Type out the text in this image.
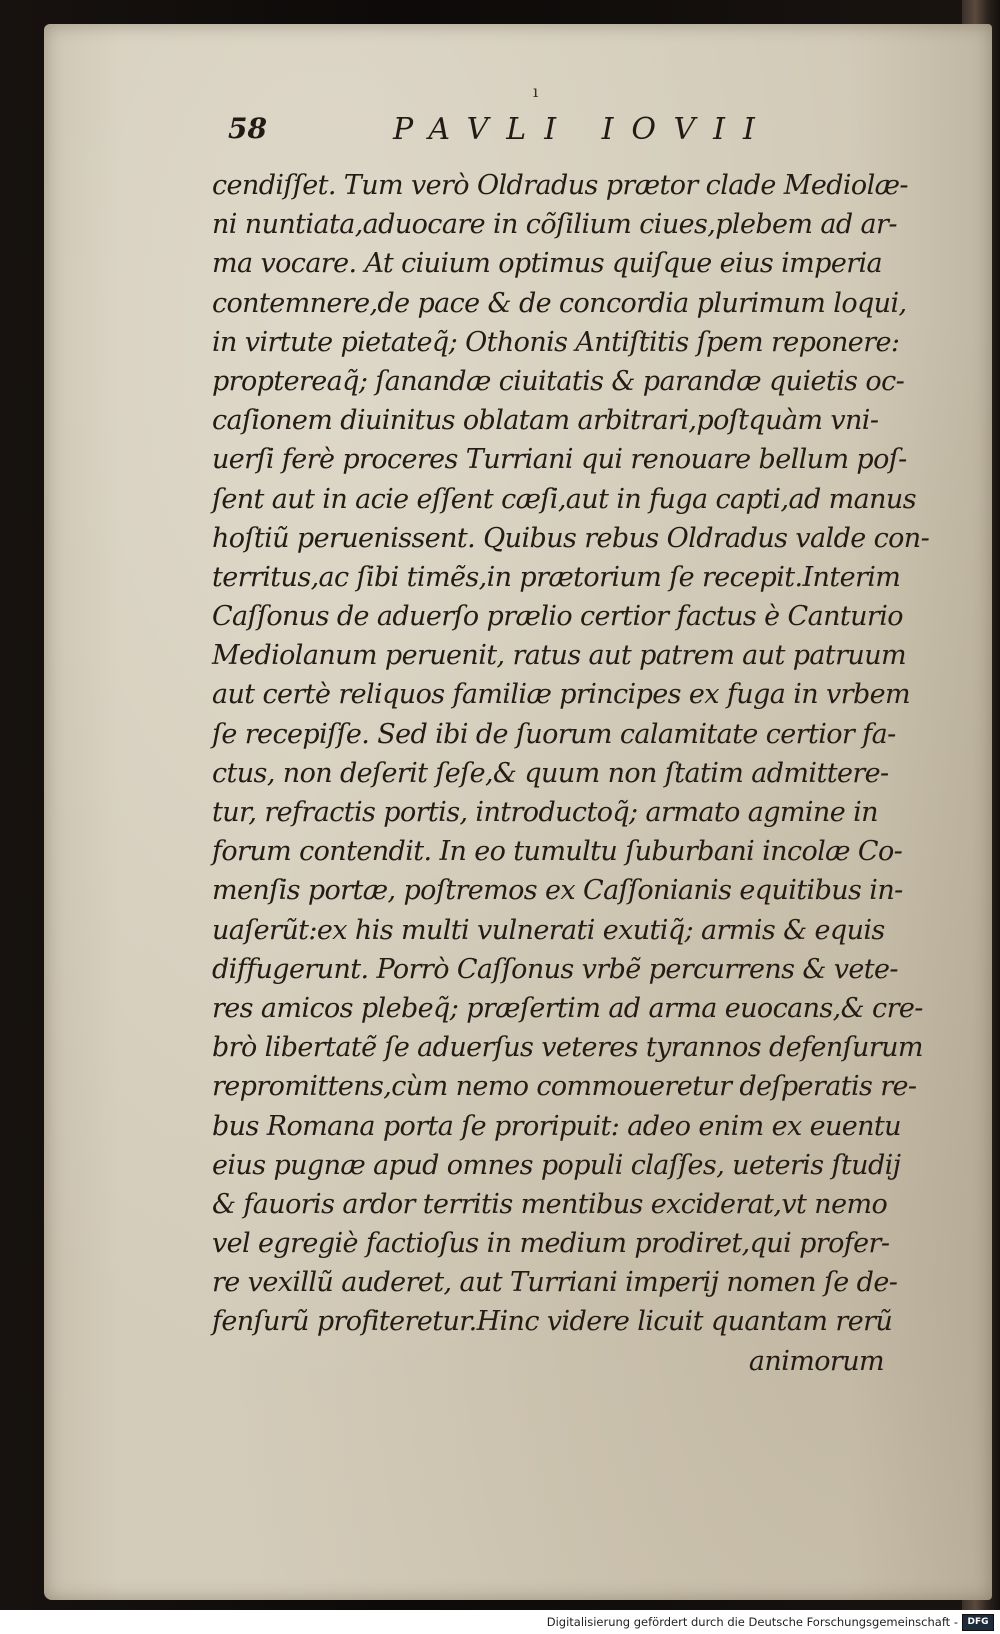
ı
58	PAVLI IOVII
cendiſſet. Tum verò Oldradus prætor clade Mediolæ-
ni nuntiata,aduocare in cõſilium ciues,plebem ad ar-
ma vocare. At ciuium optimus quiſque eius imperia
contemnere,de pace & de concordia plurimum loqui,
in virtute pietateq̃; Othonis Antiſtitis ſpem reponere:
proptereaq̃; ſanandæ ciuitatis & parandæ quietis oc-
caſionem diuinitus oblatam arbitrari,poſtquàm vni-
uerſi ferè proceres Turriani qui renouare bellum poſ-
ſent aut in acie eſſent cæſi,aut in fuga capti,ad manus
hoſtiũ peruenissent. Quibus rebus Oldradus valde con-
territus,ac ſibi timẽs,in prætorium ſe recepit.Interim
Caſſonus de aduerſo prælio certior factus è Canturio
Mediolanum peruenit, ratus aut patrem aut patruum
aut certè reliquos familiæ principes ex fuga in vrbem
ſe recepiſſe. Sed ibi de ſuorum calamitate certior fa-
ctus, non deſerit ſeſe,& quum non ſtatim admittere-
tur, refractis portis, introductoq̃; armato agmine in
forum contendit. In eo tumultu ſuburbani incolæ Co-
menſis portæ, poſtremos ex Caſſonianis equitibus in-
uaſerũt:ex his multi vulnerati exutiq̃; armis & equis
diffugerunt. Porrò Caſſonus vrbẽ percurrens & vete-
res amicos plebeq̃; præſertim ad arma euocans,& cre-
brò libertatẽ ſe aduerſus veteres tyrannos defenſurum
repromittens,cùm nemo commoueretur deſperatis re-
bus Romana porta ſe proripuit: adeo enim ex euentu
eius pugnæ apud omnes populi claſſes, ueteris ſtudij
& fauoris ardor territis mentibus exciderat,vt nemo
vel egregiè factioſus in medium prodiret,qui profer-
re vexillũ auderet, aut Turriani imperij nomen ſe de-
fenſurũ profiteretur.Hinc videre licuit quantam rerũ
animorum
Digitalisierung gefördert durch die Deutsche Forschungsgemeinschaft -	DFG
